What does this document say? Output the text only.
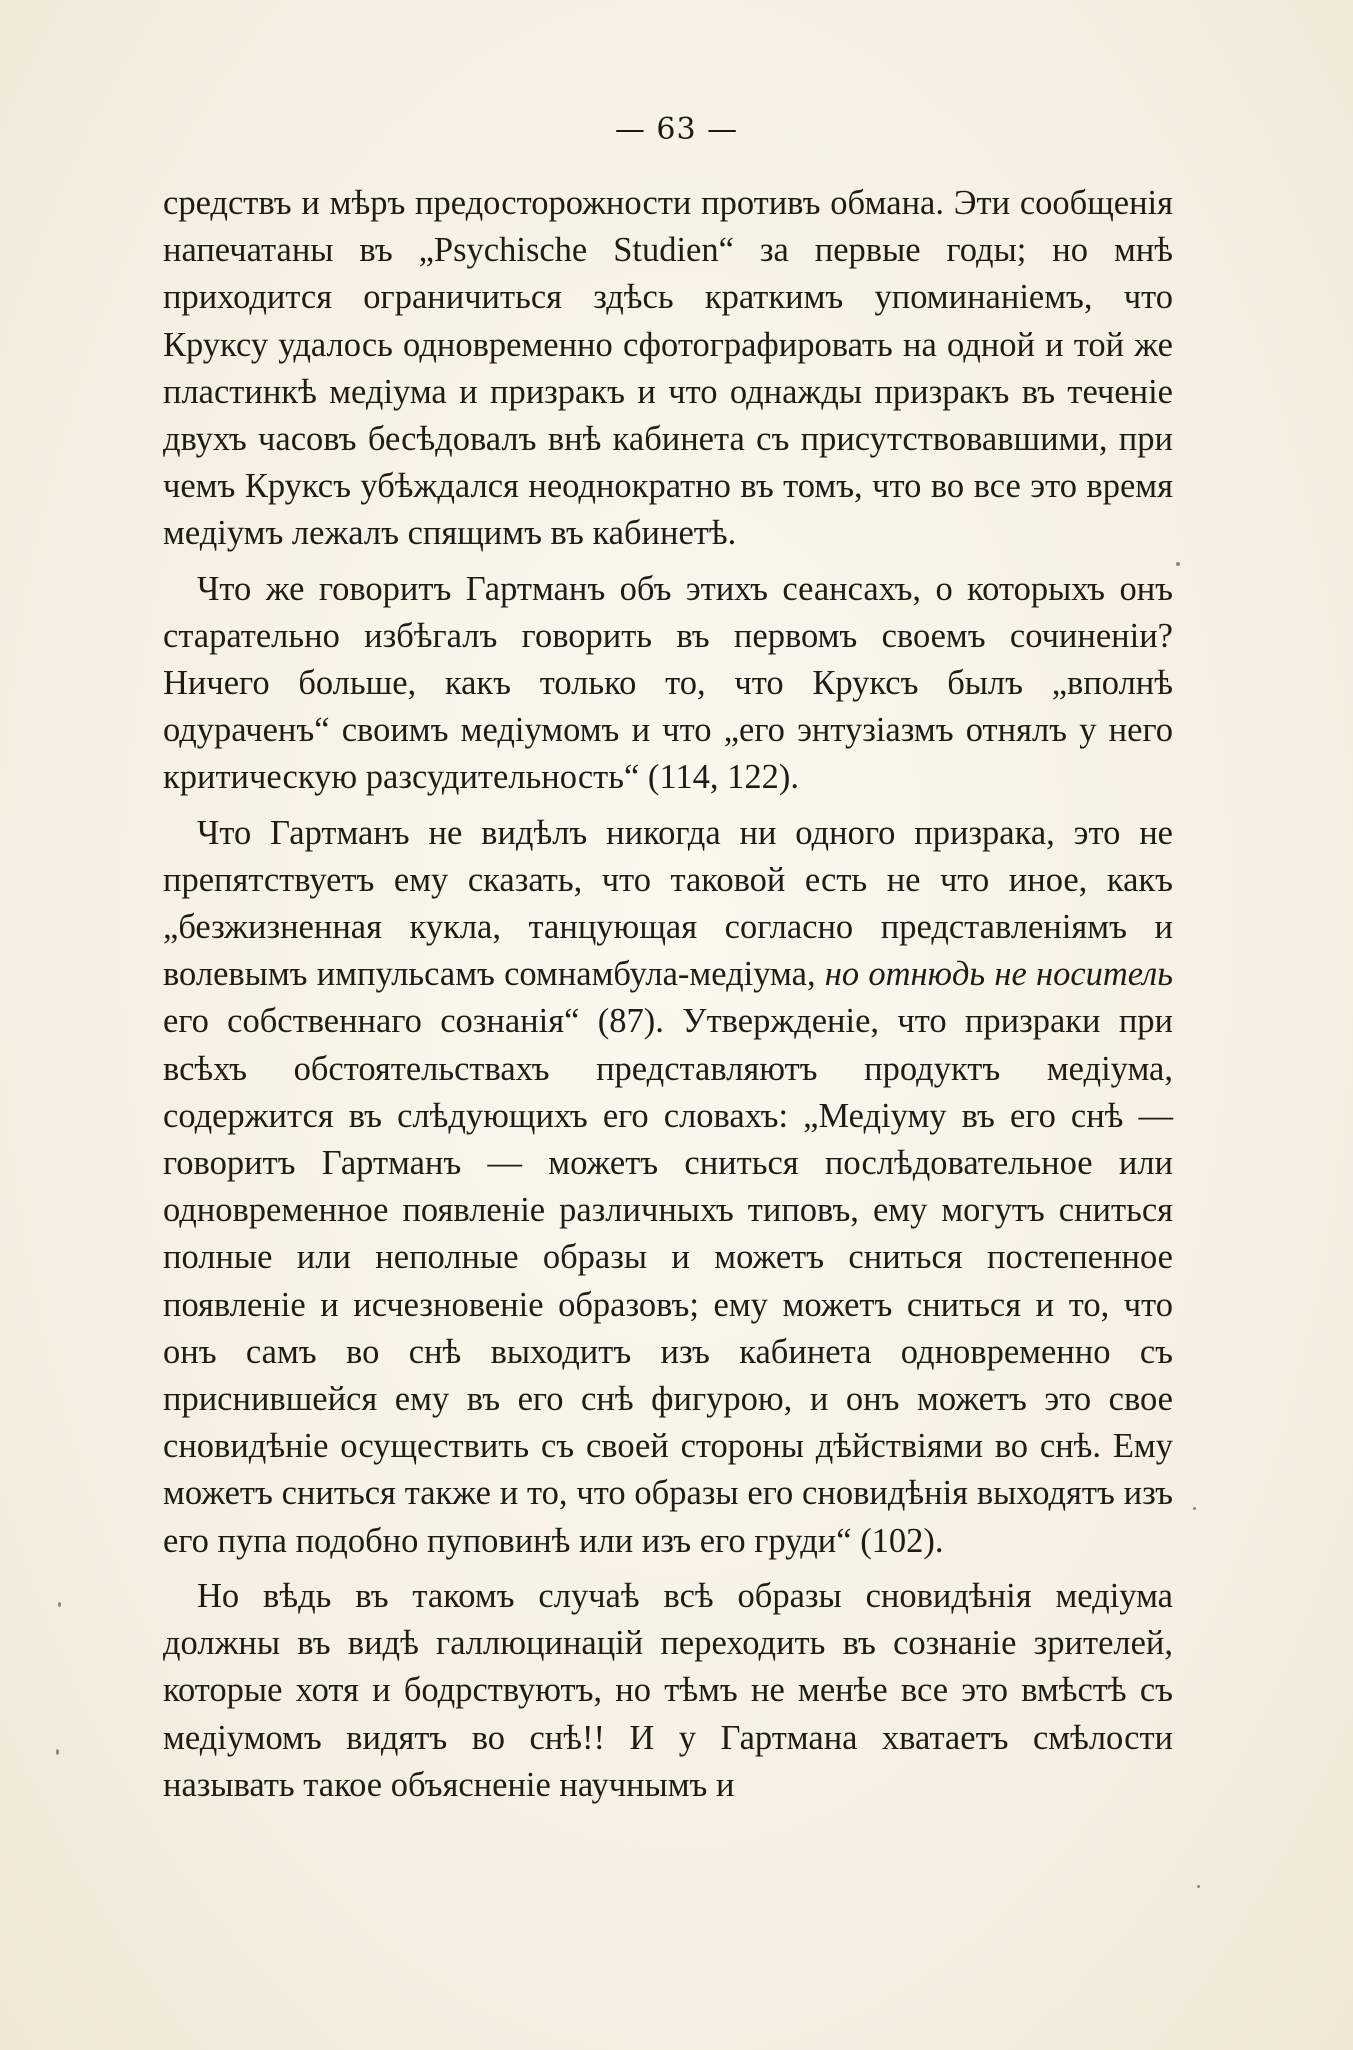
— 63 —

средствъ и мѣръ предосторожности противъ обмана. Эти сообщенія напечатаны въ „Psychische Studien“ за первые годы; но мнѣ приходится ограничиться здѣсь краткимъ упоминаніемъ, что Круксу удалось одновременно сфотографировать на одной и той же пластинкѣ медіума и призракъ и что однажды призракъ въ теченіе двухъ часовъ бесѣдовалъ внѣ кабинета съ присутствовавшими, при чемъ Круксъ убѣждался неоднократно въ томъ, что во все это время медіумъ лежалъ спящимъ въ кабинетѣ.

Что же говоритъ Гартманъ объ этихъ сеансахъ, о которыхъ онъ старательно избѣгалъ говорить въ первомъ своемъ сочиненіи? Ничего больше, какъ только то, что Круксъ былъ „вполнѣ одураченъ“ своимъ медіумомъ и что „его энтузіазмъ отнялъ у него критическую разсудительность“ (114, 122).

Что Гартманъ не видѣлъ никогда ни одного призрака, это не препятствуетъ ему сказать, что таковой есть не что иное, какъ „безжизненная кукла, танцующая согласно представленіямъ и волевымъ импульсамъ сомнамбула-медіума, но отнюдь не носитель его собственнаго сознанія“ (87). Утвержденіе, что призраки при всѣхъ обстоятельствахъ представляютъ продуктъ медіума, содержится въ слѣдующихъ его словахъ: „Медіуму въ его снѣ — говоритъ Гартманъ — можетъ сниться послѣдовательное или одновременное появленіе различныхъ типовъ, ему могутъ сниться полные или неполные образы и можетъ сниться постепенное появленіе и исчезновеніе образовъ; ему можетъ сниться и то, что онъ самъ во снѣ выходитъ изъ кабинета одновременно съ приснившейся ему въ его снѣ фигурою, и онъ можетъ это свое сновидѣніе осуществить съ своей стороны дѣйствіями во снѣ. Ему можетъ сниться также и то, что образы его сновидѣнія выходятъ изъ его пупа подобно пуповинѣ или изъ его груди“ (102).

Но вѣдь въ такомъ случаѣ всѣ образы сновидѣнія медіума должны въ видѣ галлюцинацій переходить въ сознаніе зрителей, которые хотя и бодрствуютъ, но тѣмъ не менѣе все это вмѣстѣ съ медіумомъ видятъ во снѣ!! И у Гартмана хватаетъ смѣлости называть такое объясненіе научнымъ и
